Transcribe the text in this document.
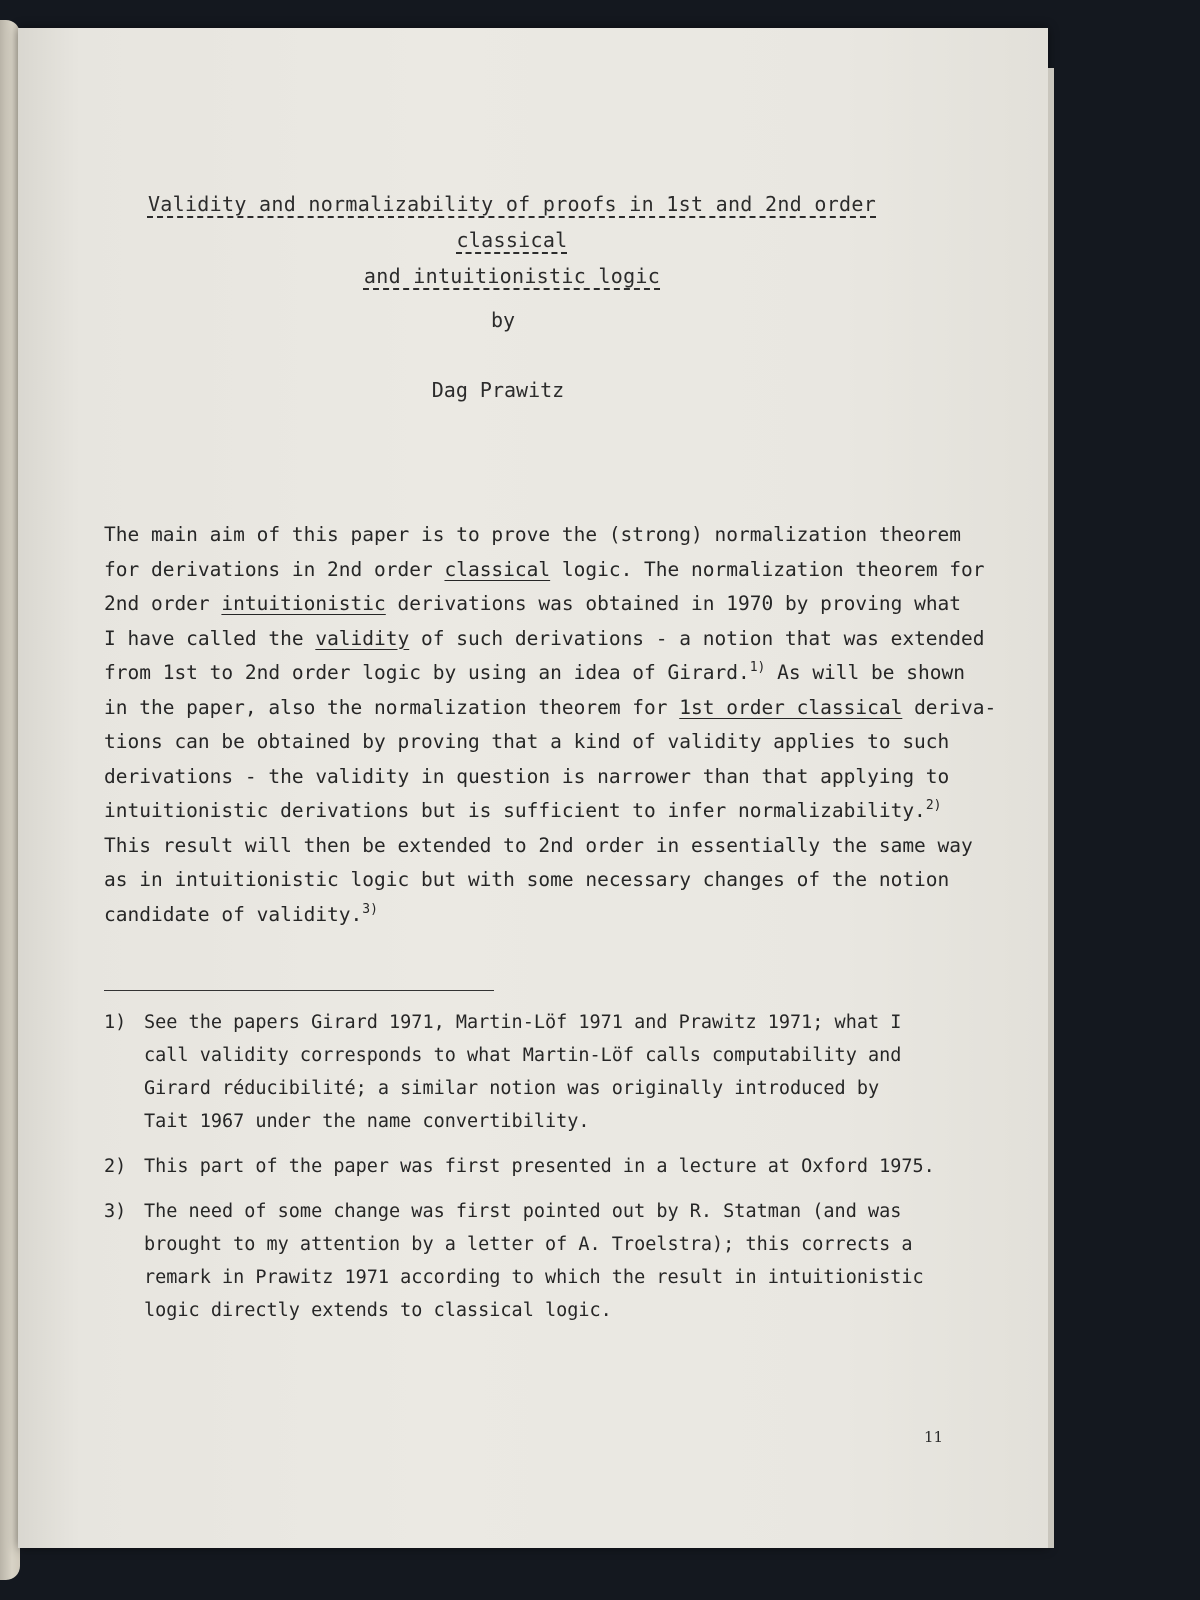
Validity and normalizability of proofs in 1st and 2nd order classical
and intuitionistic logic
by
Dag Prawitz
The main aim of this paper is to prove the (strong) normalization theorem
for derivations in 2nd order classical logic. The normalization theorem for
2nd order intuitionistic derivations was obtained in 1970 by proving what
I have called the validity of such derivations - a notion that was extended
from 1st to 2nd order logic by using an idea of Girard.$^{1)}$ As will be shown
in the paper, also the normalization theorem for 1st order classical deriva-
tions can be obtained by proving that a kind of validity applies to such
derivations - the validity in question is narrower than that applying to
intuitionistic derivations but is sufficient to infer normalizability.$^{2)}$
This result will then be extended to 2nd order in essentially the same way
as in intuitionistic logic but with some necessary changes of the notion
candidate of validity.$^{3)}$
1) See the papers Girard 1971, Martin-Löf 1971 and Prawitz 1971; what I
call validity corresponds to what Martin-Löf calls computability and
Girard réducibilité; a similar notion was originally introduced by
Tait 1967 under the name convertibility.
2) This part of the paper was first presented in a lecture at Oxford 1975.
3) The need of some change was first pointed out by R. Statman (and was
brought to my attention by a letter of A. Troelstra); this corrects a
remark in Prawitz 1971 according to which the result in intuitionistic
logic directly extends to classical logic.
11
